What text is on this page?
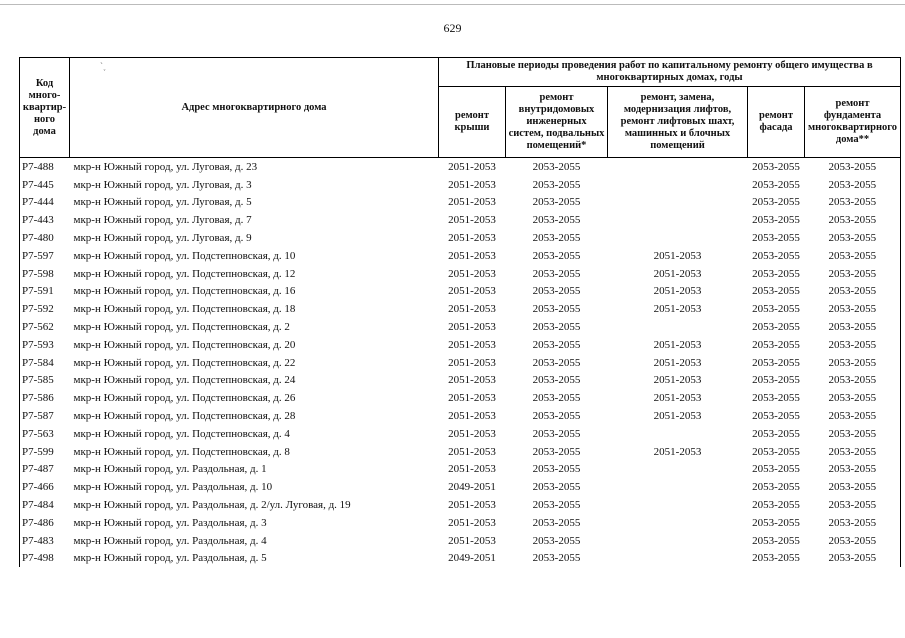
629
ˋ˯
Код много-квартир-ного дома	Адрес многоквартирного дома	Плановые периоды проведения работ по капитальному ремонту общего имущества в многоквартирных домах, годы				
		ремонт крыши	ремонт внутридомовых инженерных систем, подвальных помещений*	ремонт, замена, модернизация лифтов, ремонт лифтовых шахт, машинных и блочных помещений	ремонт фасада	ремонт фундамента многоквартирного дома**
Р7-488	мкр-н Южный город, ул. Луговая, д. 23	2051-2053	2053-2055		2053-2055	2053-2055
Р7-445	мкр-н Южный город, ул. Луговая, д. 3	2051-2053	2053-2055		2053-2055	2053-2055
Р7-444	мкр-н Южный город, ул. Луговая, д. 5	2051-2053	2053-2055		2053-2055	2053-2055
Р7-443	мкр-н Южный город, ул. Луговая, д. 7	2051-2053	2053-2055		2053-2055	2053-2055
Р7-480	мкр-н Южный город, ул. Луговая, д. 9	2051-2053	2053-2055		2053-2055	2053-2055
Р7-597	мкр-н Южный город, ул. Подстепновская, д. 10	2051-2053	2053-2055	2051-2053	2053-2055	2053-2055
Р7-598	мкр-н Южный город, ул. Подстепновская, д. 12	2051-2053	2053-2055	2051-2053	2053-2055	2053-2055
Р7-591	мкр-н Южный город, ул. Подстепновская, д. 16	2051-2053	2053-2055	2051-2053	2053-2055	2053-2055
Р7-592	мкр-н Южный город, ул. Подстепновская, д. 18	2051-2053	2053-2055	2051-2053	2053-2055	2053-2055
Р7-562	мкр-н Южный город, ул. Подстепновская, д. 2	2051-2053	2053-2055		2053-2055	2053-2055
Р7-593	мкр-н Южный город, ул. Подстепновская, д. 20	2051-2053	2053-2055	2051-2053	2053-2055	2053-2055
Р7-584	мкр-н Южный город, ул. Подстепновская, д. 22	2051-2053	2053-2055	2051-2053	2053-2055	2053-2055
Р7-585	мкр-н Южный город, ул. Подстепновская, д. 24	2051-2053	2053-2055	2051-2053	2053-2055	2053-2055
Р7-586	мкр-н Южный город, ул. Подстепновская, д. 26	2051-2053	2053-2055	2051-2053	2053-2055	2053-2055
Р7-587	мкр-н Южный город, ул. Подстепновская, д. 28	2051-2053	2053-2055	2051-2053	2053-2055	2053-2055
Р7-563	мкр-н Южный город, ул. Подстепновская, д. 4	2051-2053	2053-2055		2053-2055	2053-2055
Р7-599	мкр-н Южный город, ул. Подстепновская, д. 8	2051-2053	2053-2055	2051-2053	2053-2055	2053-2055
Р7-487	мкр-н Южный город, ул. Раздольная, д. 1	2051-2053	2053-2055		2053-2055	2053-2055
Р7-466	мкр-н Южный город, ул. Раздольная, д. 10	2049-2051	2053-2055		2053-2055	2053-2055
Р7-484	мкр-н Южный город, ул. Раздольная, д. 2/ул. Луговая, д. 19	2051-2053	2053-2055		2053-2055	2053-2055
Р7-486	мкр-н Южный город, ул. Раздольная, д. 3	2051-2053	2053-2055		2053-2055	2053-2055
Р7-483	мкр-н Южный город, ул. Раздольная, д. 4	2051-2053	2053-2055		2053-2055	2053-2055
Р7-498	мкр-н Южный город, ул. Раздольная, д. 5	2049-2051	2053-2055		2053-2055	2053-2055
